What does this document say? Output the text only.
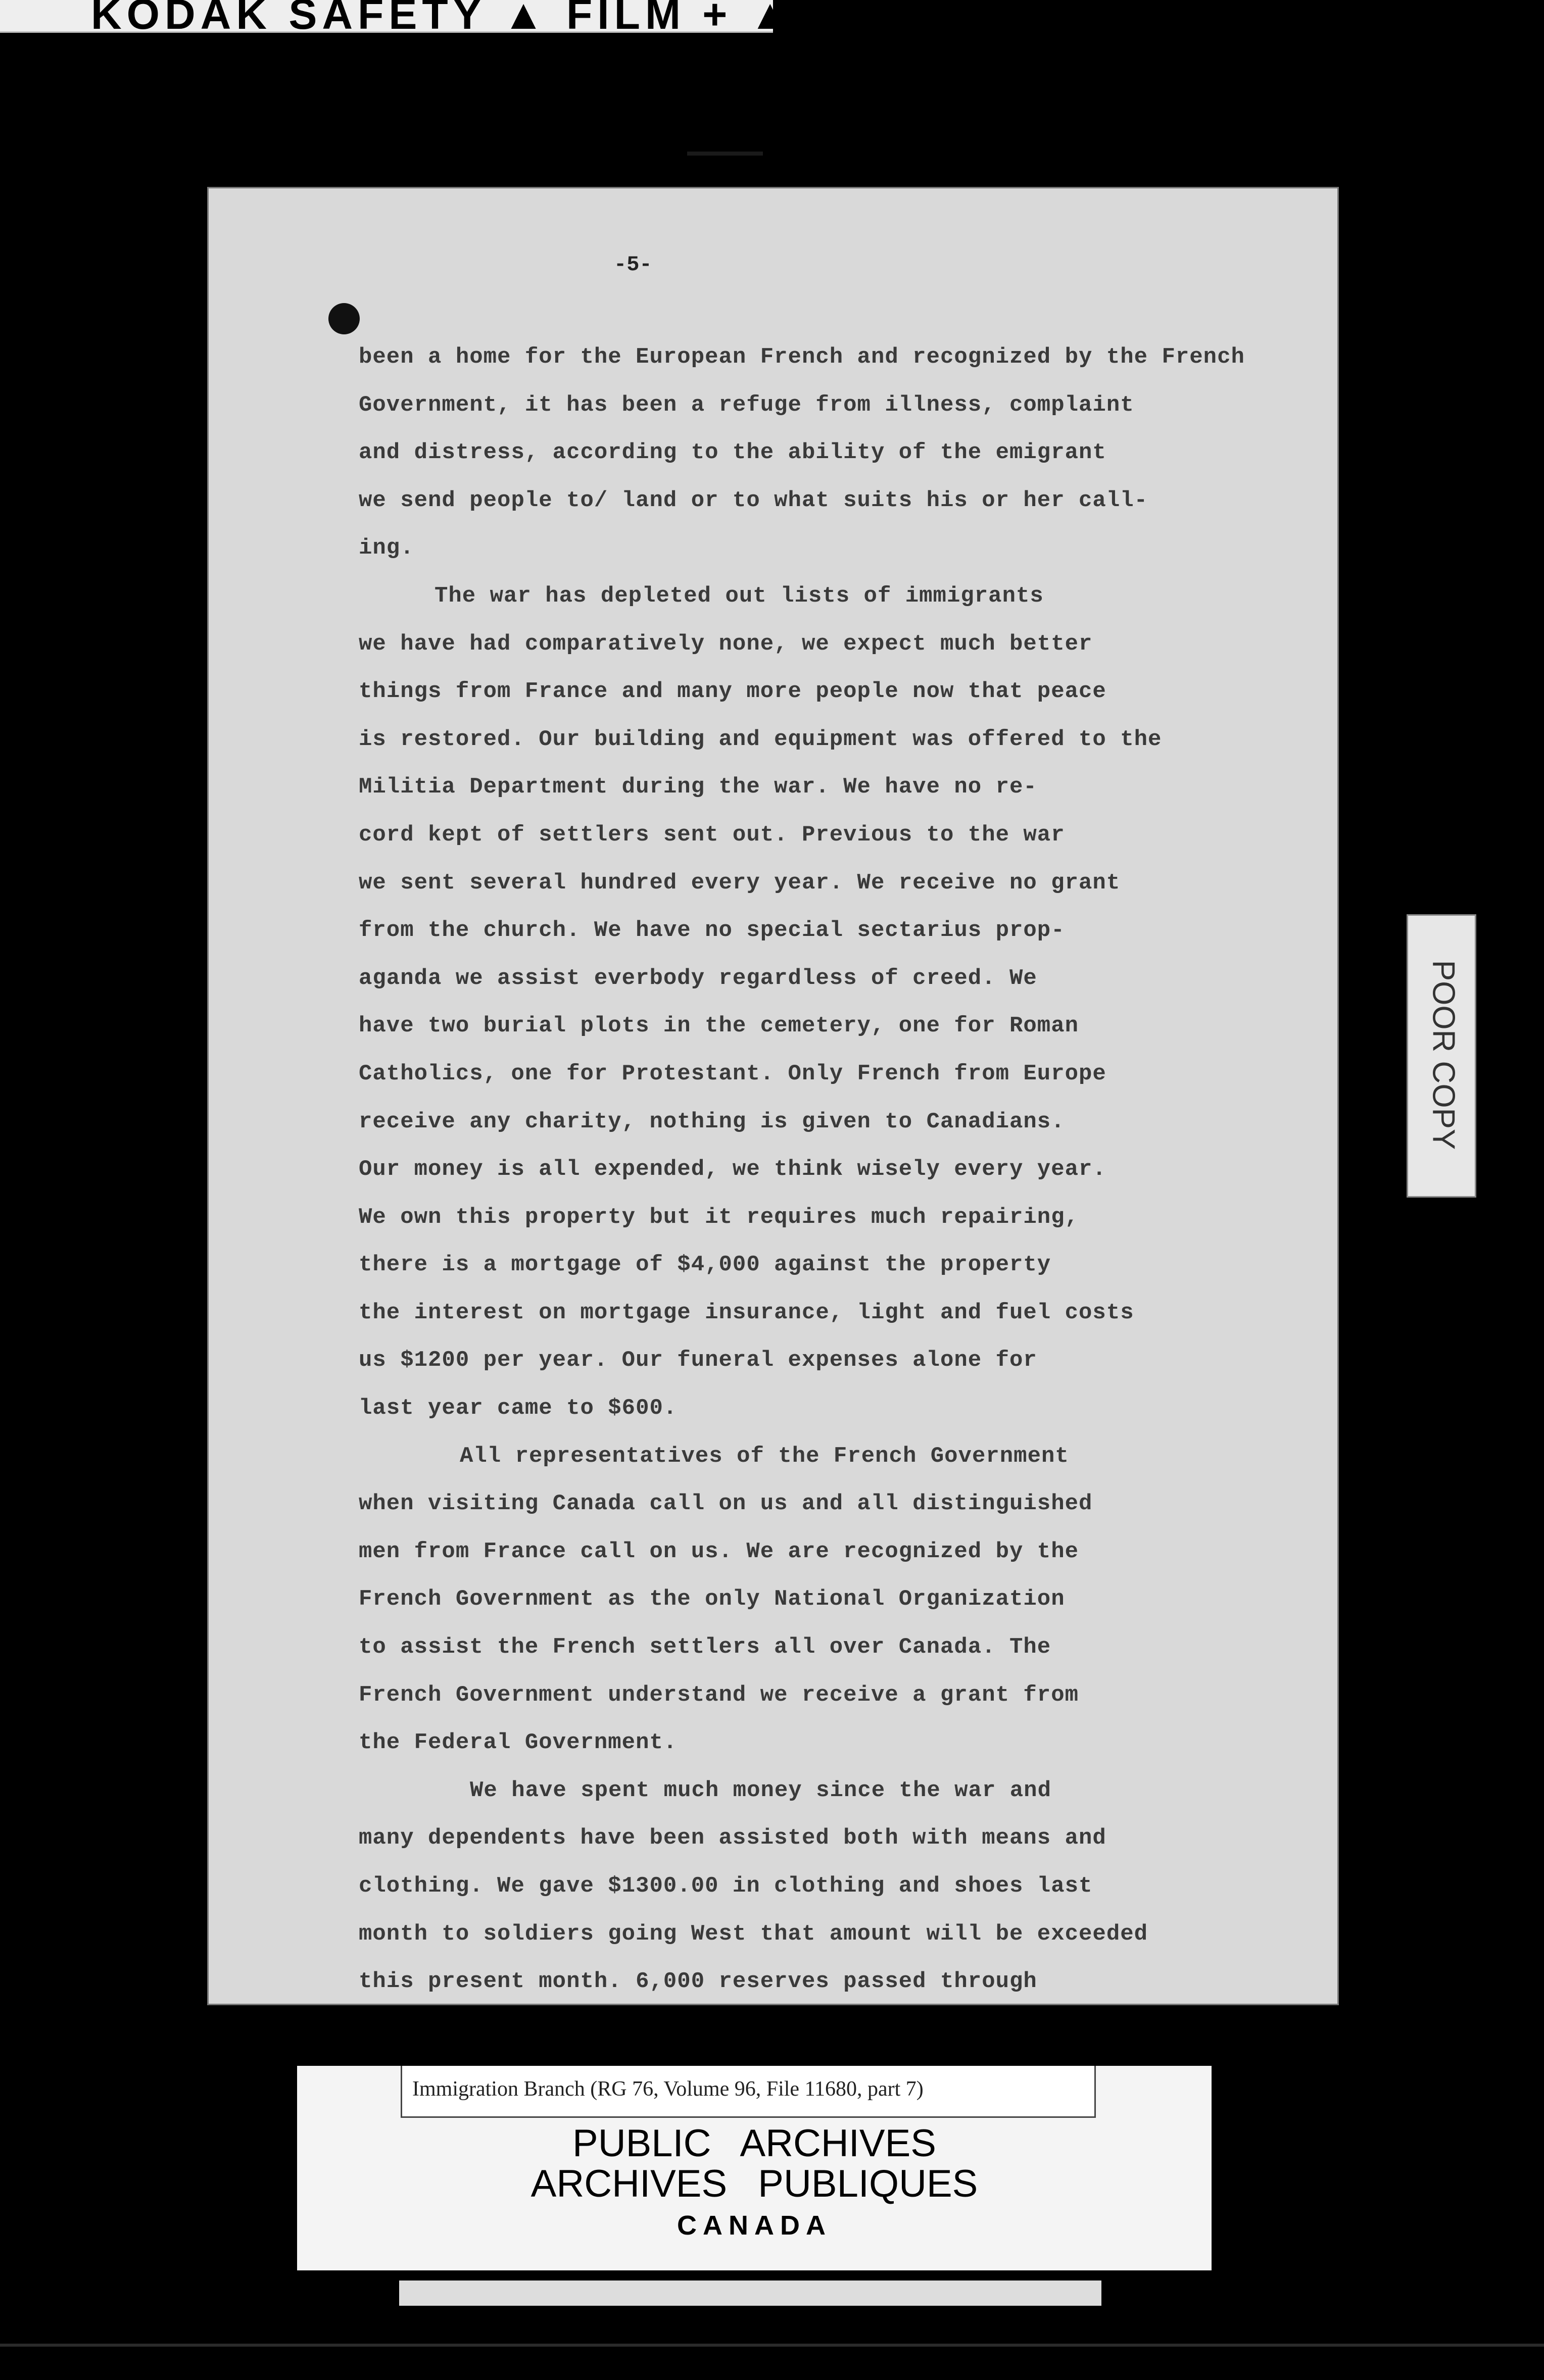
KODAK SAFETY ▲ FILM + ▲
-5-

been a home for the European French and recognized by the French
Government, it has been a refuge from illness, complaint
and distress, according to the ability of the emigrant
we send people to/ land or to what suits his or her call-
ing.

The war has depleted out lists of immigrants
we have had comparatively none, we expect much better
things from France and many more people now that peace
is restored. Our building and equipment was offered to the
Militia Department during the war. We have no re-
cord kept of settlers sent out. Previous to the war
we sent several hundred every year. We receive no grant
from the church. We have no special sectarius prop-
aganda we assist everbody regardless of creed. We
have two burial plots in the cemetery, one for Roman
Catholics, one for Protestant. Only French from Europe
receive any charity, nothing is given to Canadians.
Our money is all expended, we think wisely every year.
We own this property but it requires much repairing,
there is a mortgage of $4,000 against the property
the interest on mortgage insurance, light and fuel costs
us $1200 per year. Our funeral expenses alone for
last year came to $600.

All representatives of the French Government
when visiting Canada call on us and all distinguished
men from France call on us. We are recognized by the
French Government as the only National Organization
to assist the French settlers all over Canada. The
French Government understand we receive a grant from
the Federal Government.

We have spent much money since the war and
many dependents have been assisted both with means and
clothing. We gave $1300.00 in clothing and shoes last
month to soldiers going West that amount will be exceeded
this present month. 6,000 reserves passed through

POOR COPY
Immigration Branch (RG 76, Volume 96, File 11680, part 7)
PUBLIC ARCHIVES
ARCHIVES PUBLIQUES
CANADA
